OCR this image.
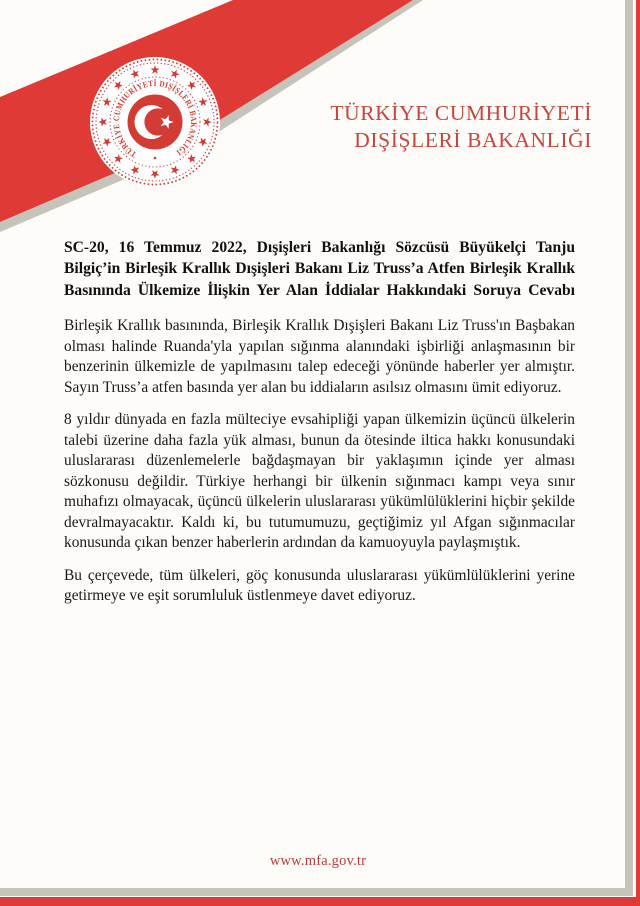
TÜRKİYE CUMHURİYETİ DIŞİŞLERİ BAKANLIĞI
TÜRKİYE CUMHURİYETİ
DIŞİŞLERİ BAKANLIĞI
SC-20, 16 Temmuz 2022, Dışişleri Bakanlığı Sözcüsü Büyükelçi Tanju Bilgiç’in Birleşik Krallık Dışişleri Bakanı Liz Truss’a Atfen Birleşik Krallık Basınında Ülkemize İlişkin Yer Alan İddialar Hakkındaki Soruya Cevabı

Birleşik Krallık basınında, Birleşik Krallık Dışişleri Bakanı Liz Truss'ın Başbakan olması halinde Ruanda'yla yapılan sığınma alanındaki işbirliği anlaşmasının bir benzerinin ülkemizle de yapılmasını talep edeceği yönünde haberler yer almıştır. Sayın Truss’a atfen basında yer alan bu iddiaların asılsız olmasını ümit ediyoruz.

8 yıldır dünyada en fazla mülteciye evsahipliği yapan ülkemizin üçüncü ülkelerin talebi üzerine daha fazla yük alması, bunun da ötesinde iltica hakkı konusundaki uluslararası düzenlemelerle bağdaşmayan bir yaklaşımın içinde yer alması sözkonusu değildir. Türkiye herhangi bir ülkenin sığınmacı kampı veya sınır muhafızı olmayacak, üçüncü ülkelerin uluslararası yükümlülüklerini hiçbir şekilde devralmayacaktır. Kaldı ki, bu tutumumuzu, geçtiğimiz yıl Afgan sığınmacılar konusunda çıkan benzer haberlerin ardından da kamuoyuyla paylaşmıştık.

Bu çerçevede, tüm ülkeleri, göç konusunda uluslararası yükümlülüklerini yerine getirmeye ve eşit sorumluluk üstlenmeye davet ediyoruz.

www.mfa.gov.tr
